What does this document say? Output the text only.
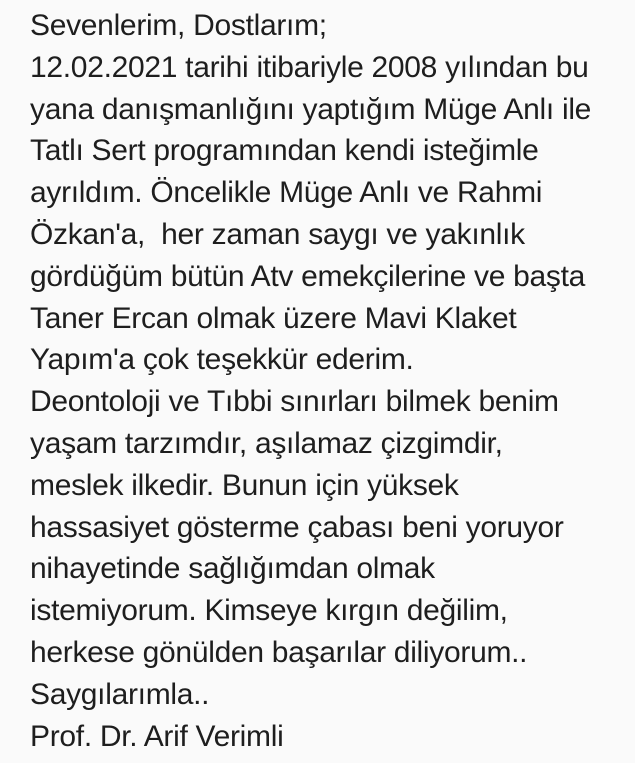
Sevenlerim, Dostlarım;
12.02.2021 tarihi itibariyle 2008 yılından bu
yana danışmanlığını yaptığım Müge Anlı ile
Tatlı Sert programından kendi isteğimle
ayrıldım. Öncelikle Müge Anlı ve Rahmi
Özkan'a,  her zaman saygı ve yakınlık
gördüğüm bütün Atv emekçilerine ve başta
Taner Ercan olmak üzere Mavi Klaket
Yapım'a çok teşekkür ederim.
Deontoloji ve Tıbbi sınırları bilmek benim
yaşam tarzımdır, aşılamaz çizgimdir,
meslek ilkedir. Bunun için yüksek
hassasiyet gösterme çabası beni yoruyor
nihayetinde sağlığımdan olmak
istemiyorum. Kimseye kırgın değilim,
herkese gönülden başarılar diliyorum..
Saygılarımla..
Prof. Dr. Arif Verimli
